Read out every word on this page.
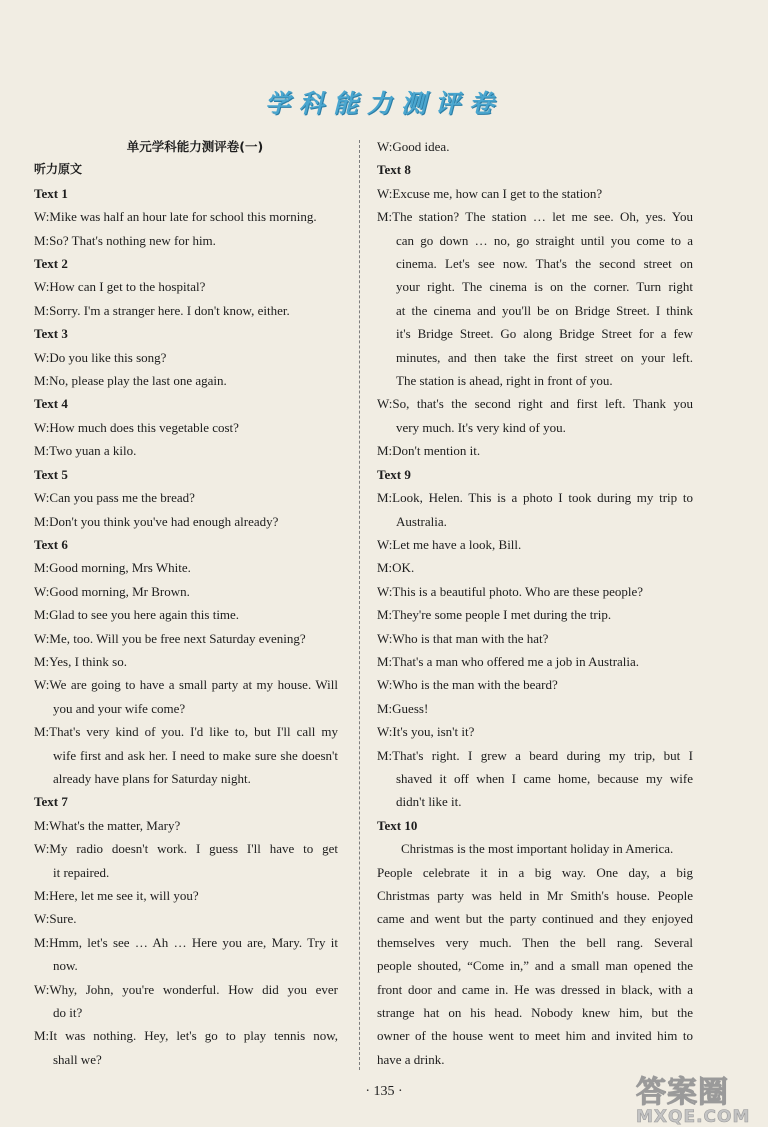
学科能力测评卷
单元学科能力测评卷(一)
听力原文
Text 1
W:Mike was half an hour late for school this morning.
M:So? That's nothing new for him.
Text 2
W:How can I get to the hospital?
M:Sorry. I'm a stranger here. I don't know, either.
Text 3
W:Do you like this song?
M:No, please play the last one again.
Text 4
W:How much does this vegetable cost?
M:Two yuan a kilo.
Text 5
W:Can you pass me the bread?
M:Don't you think you've had enough already?
Text 6
M:Good morning, Mrs White.
W:Good morning, Mr Brown.
M:Glad to see you here again this time.
W:Me, too. Will you be free next Saturday evening?
M:Yes, I think so.
W:We are going to have a small party at my house. Will
you and your wife come?
M:That's very kind of you. I'd like to, but I'll call my
wife first and ask her. I need to make sure she doesn't
already have plans for Saturday night.
Text 7
M:What's the matter, Mary?
W:My radio doesn't work. I guess I'll have to get
it repaired.
M:Here, let me see it, will you?
W:Sure.
M:Hmm, let's see … Ah … Here you are, Mary. Try it
now.
W:Why, John, you're wonderful. How did you ever
do it?
M:It was nothing. Hey, let's go to play tennis now,
shall we?
W:Good idea.
Text 8
W:Excuse me, how can I get to the station?
M:The station? The station … let me see. Oh, yes. You
can go down … no, go straight until you come to a
cinema. Let's see now. That's the second street on
your right. The cinema is on the corner. Turn right
at the cinema and you'll be on Bridge Street. I think
it's Bridge Street. Go along Bridge Street for a few
minutes, and then take the first street on your left.
The station is ahead, right in front of you.
W:So, that's the second right and first left. Thank you
very much. It's very kind of you.
M:Don't mention it.
Text 9
M:Look, Helen. This is a photo I took during my trip to
Australia.
W:Let me have a look, Bill.
M:OK.
W:This is a beautiful photo. Who are these people?
M:They're some people I met during the trip.
W:Who is that man with the hat?
M:That's a man who offered me a job in Australia.
W:Who is the man with the beard?
M:Guess!
W:It's you, isn't it?
M:That's right. I grew a beard during my trip, but I
shaved it off when I came home, because my wife
didn't like it.
Text 10
Christmas is the most important holiday in America.
People celebrate it in a big way. One day, a big
Christmas party was held in Mr Smith's house. People
came and went but the party continued and they enjoyed
themselves very much. Then the bell rang. Several
people shouted, “Come in,” and a small man opened the
front door and came in. He was dressed in black, with a
strange hat on his head. Nobody knew him, but the
owner of the house went to meet him and invited him to
have a drink.
· 135 ·	答案圈
MXQE.COM
